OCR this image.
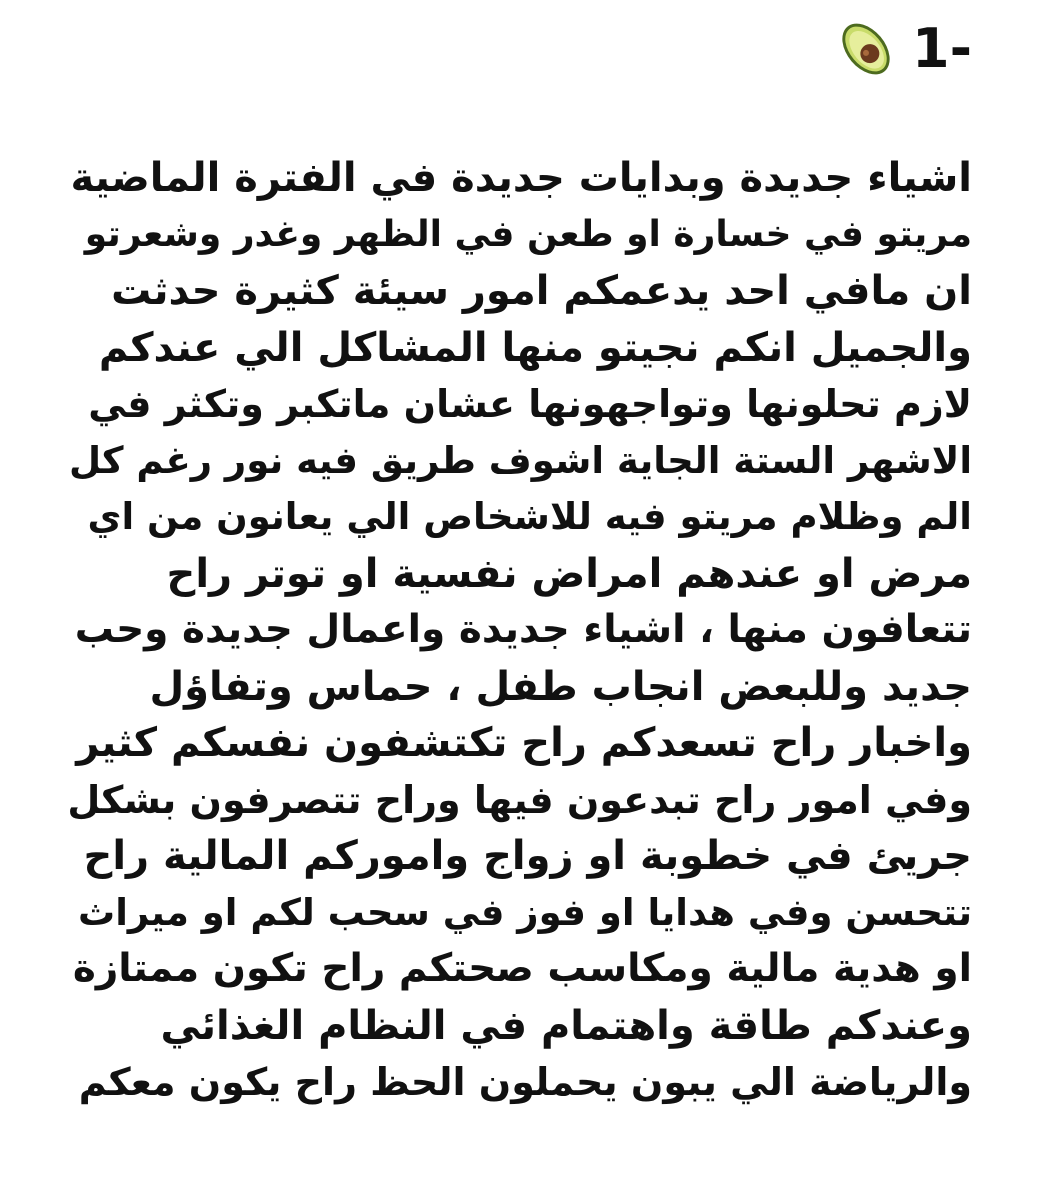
1-
اشياء جديدة وبدايات جديدة في الفترة الماضية
مريتو في خسارة او طعن في الظهر وغدر وشعرتو
ان مافي احد يدعمكم امور سيئة كثيرة حدثت
والجميل انكم نجيتو منها المشاكل الي عندكم
لازم تحلونها وتواجهونها عشان ماتكبر وتكثر في
الاشهر الستة الجاية اشوف طريق فيه نور رغم كل
الم وظلام مريتو فيه للاشخاص الي يعانون من اي
مرض او عندهم امراض نفسية او توتر راح
تتعافون منها ، اشياء جديدة واعمال جديدة وحب
جديد وللبعض انجاب طفل ، حماس وتفاؤل
واخبار راح تسعدكم راح تكتشفون نفسكم كثير
وفي امور راح تبدعون فيها وراح تتصرفون بشكل
جريئ في خطوبة او زواج واموركم المالية راح
تتحسن وفي هدايا او فوز في سحب لكم او ميراث
او هدية مالية ومكاسب صحتكم راح تكون ممتازة
وعندكم طاقة واهتمام في النظام الغذائي
والرياضة الي يبون يحملون الحظ راح يكون معكم
